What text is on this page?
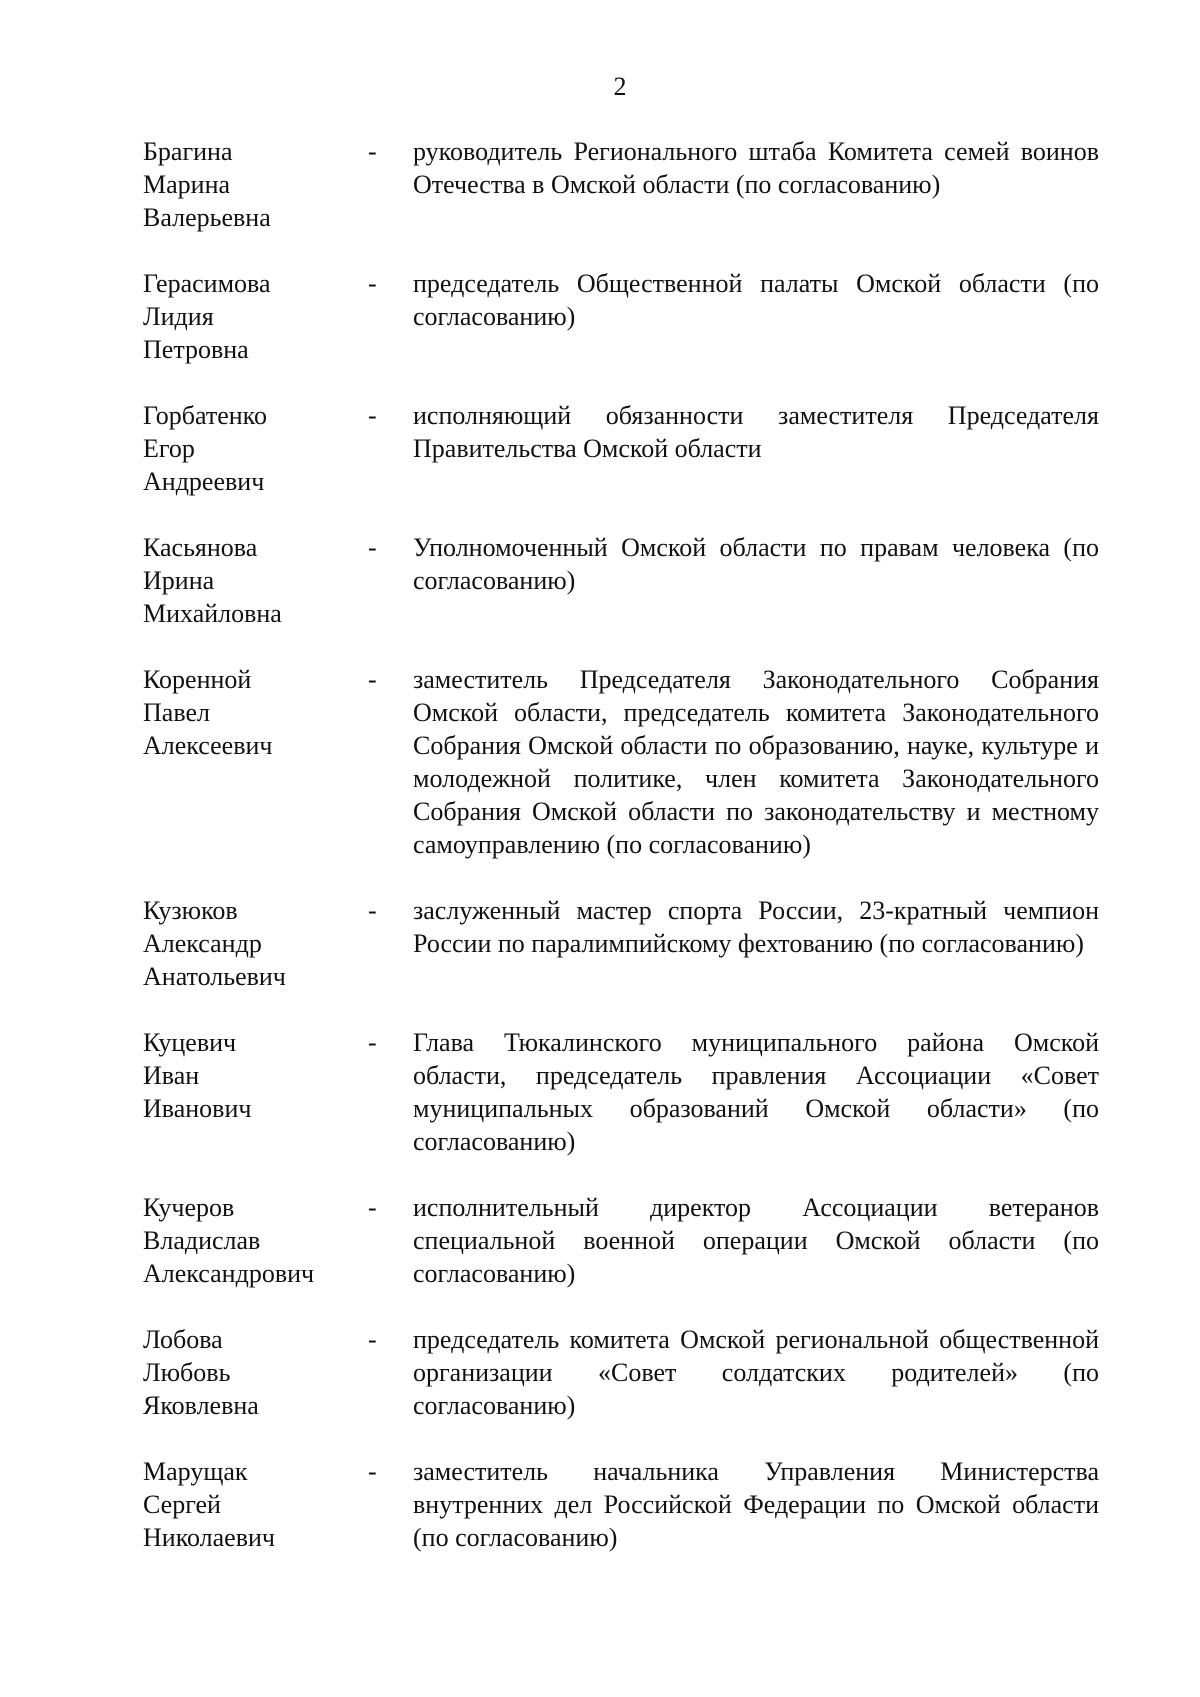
2
Брагина
Марина
Валерьевна
-	руководитель Регионального штаба Комитета семей воинов Отечества в Омской области (по согласованию)
Герасимова
Лидия
Петровна
-	председатель Общественной палаты Омской области (по согласованию)
Горбатенко
Егор
Андреевич
-	исполняющий обязанности заместителя Председателя Правительства Омской области
Касьянова
Ирина
Михайловна
-	Уполномоченный Омской области по правам человека (по согласованию)
Коренной
Павел
Алексеевич
-	заместитель Председателя Законодательного Собрания Омской области, председатель комитета Законодательного Собрания Омской области по образованию, науке, культуре и молодежной политике, член комитета Законодательного Собрания Омской области по законодательству и местному самоуправлению (по согласованию)
Кузюков
Александр
Анатольевич
-	заслуженный мастер спорта России, 23-кратный чемпион России по паралимпийскому фехтованию (по согласованию)
Куцевич
Иван
Иванович
-	Глава Тюкалинского муниципального района Омской области, председатель правления Ассоциации «Совет муниципальных образований Омской области» (по согласованию)
Кучеров
Владислав
Александрович
-	исполнительный директор Ассоциации ветеранов специальной военной операции Омской области (по согласованию)
Лобова
Любовь
Яковлевна
-	председатель комитета Омской региональной общественной организации «Совет солдатских родителей» (по согласованию)
Марущак
Сергей
Николаевич
-	заместитель начальника Управления Министерства внутренних дел Российской Федерации по Омской области (по согласованию)
